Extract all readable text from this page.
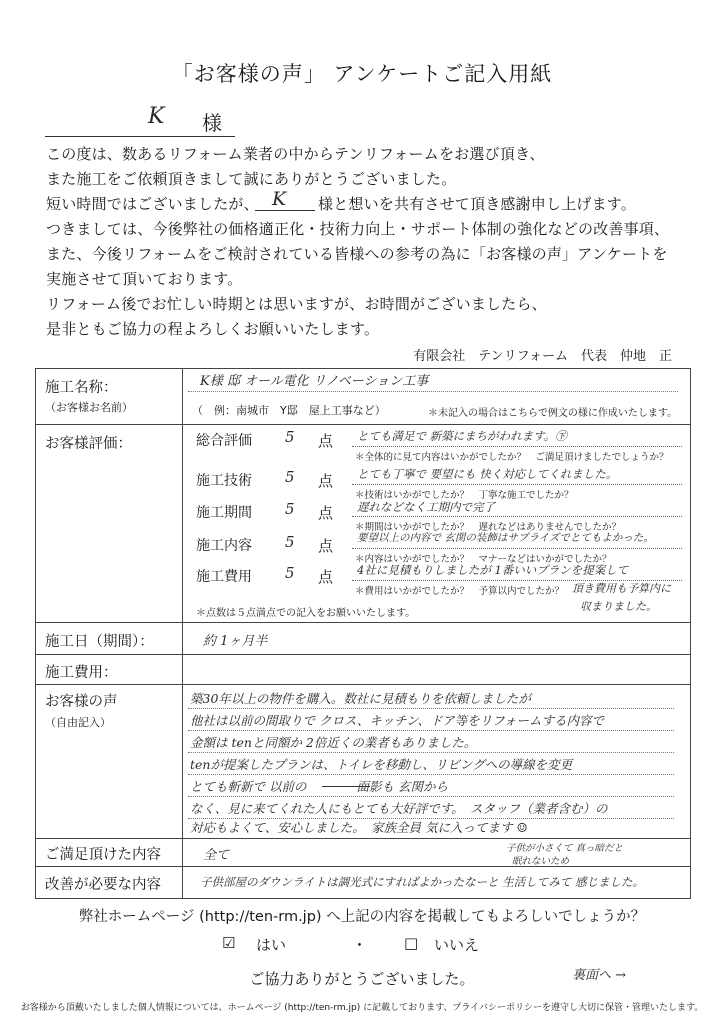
「お客様の声」 アンケートご記入用紙
K 様
この度は、数あるリフォーム業者の中からテンリフォームをお選び頂き、
また施工をご依頼頂きまして誠にありがとうございました。
短い時間ではございましたが、 K 様と想いを共有させて頂き感謝申し上げます。
つきましては、今後弊社の価格適正化・技術力向上・サポート体制の強化などの改善事項、
また、今後リフォームをご検討されている皆様への参考の為に「お客様の声」アンケートを
実施させて頂いております。
リフォーム後でお忙しい時期とは思いますが、お時間がございましたら、
是非ともご協力の程よろしくお願いいたします。
有限会社　テンリフォーム　代表　仲地　正
施工名称：
（お客様お名前）
K様 邸 オール電化 リノベーション工事
（　例：南城市　Y邸　屋上工事など）	＊未記入の場合はこちらで例文の様に作成いたします。
お客様評価：	総合評価 5 点 とても満足で 新築にまちがわれます。㊦
＊全体的に見て内容はいかがでしたか？　ご満足頂けましたでしょうか？
施工技術 5 点 とても丁寧で 要望にも 快く対応してくれました。
＊技術はいかがでしたか？　丁寧な施工でしたか？
施工期間 5 点 遅れなどなく工期内で完了
＊期間はいかがでしたか？　遅れなどはありませんでしたか？
施工内容 5 点 要望以上の内容で 玄関の装飾はサプライズでとてもよかった。
＊内容はいかがでしたか？　マナーなどはいかがでしたか？
施工費用 5 点 4社に見積もりしましたが 1番いいプランを提案して
＊費用はいかがでしたか？　予算以内でしたか？ 頂き費用も予算内に
収まりました。
＊点数は５点満点での記入をお願いいたします。
施工日（期間）：	約 1ヶ月半
施工費用：
お客様の声
（自由記入）
築30年以上の物件を購入。数社に見積もりを依頼しましたが
他社は以前の間取りで クロス、キッチン、ドア等をリフォームする内容で
金額は tenと同額か 2倍近くの業者もありました。
tenが提案したプランは、トイレを移動し、リビングへの導線を変更
とても斬新で 以前の　　　　面影も 玄関から
なく、見に来てくれた人にもとても大好評です。　スタッフ（業者含む）の
対応もよくて、安心しました。　家族全員 気に入ってます ☺
ご満足頂けた内容	全て	子供が小さくて 真っ暗だと
眠れないため
改善が必要な内容	子供部屋のダウンライトは調光式にすればよかったなーと 生活してみて 感じました。
弊社ホームページ (http://ten-rm.jp) へ上記の内容を掲載してもよろしいでしょうか？
☑ はい	・ □ いいえ
ご協力ありがとうございました。	裏面へ →
お客様から頂戴いたしました個人情報については、ホームページ (http://ten-rm.jp) に記載しております、プライバシーポリシーを遵守し大切に保管・管理いたします。
